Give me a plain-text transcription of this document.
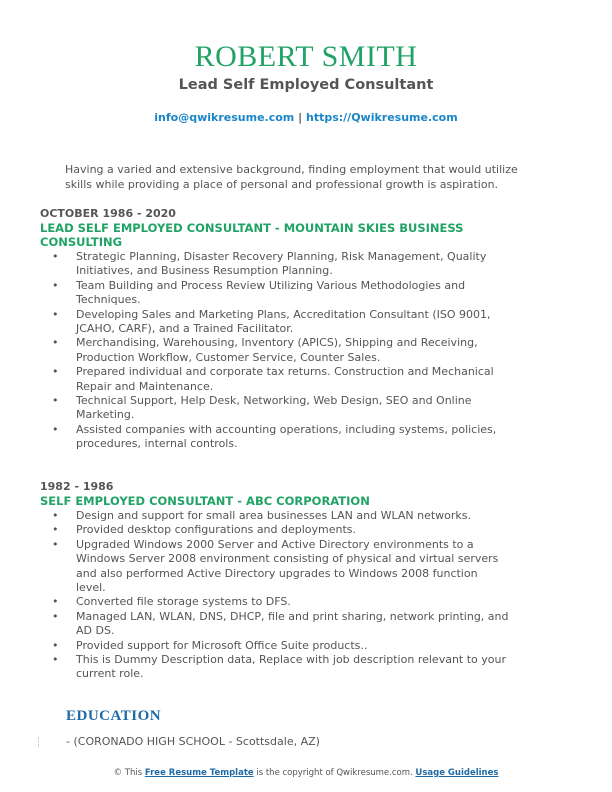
ROBERT SMITH
Lead Self Employed Consultant
info@qwikresume.com | https://Qwikresume.com
Having a varied and extensive background, finding employment that would utilize skills while providing a place of personal and professional growth is aspiration.
OCTOBER 1986 - 2020
LEAD SELF EMPLOYED CONSULTANT - MOUNTAIN SKIES BUSINESS CONSULTING
• Strategic Planning, Disaster Recovery Planning, Risk Management, Quality Initiatives, and Business Resumption Planning.
• Team Building and Process Review Utilizing Various Methodologies and Techniques.
• Developing Sales and Marketing Plans, Accreditation Consultant (ISO 9001, JCAHO, CARF), and a Trained Facilitator.
• Merchandising, Warehousing, Inventory (APICS), Shipping and Receiving, Production Workflow, Customer Service, Counter Sales.
• Prepared individual and corporate tax returns. Construction and Mechanical Repair and Maintenance.
• Technical Support, Help Desk, Networking, Web Design, SEO and Online Marketing.
• Assisted companies with accounting operations, including systems, policies, procedures, internal controls.
1982 - 1986
SELF EMPLOYED CONSULTANT - ABC CORPORATION
• Design and support for small area businesses LAN and WLAN networks.
• Provided desktop configurations and deployments.
• Upgraded Windows 2000 Server and Active Directory environments to a Windows Server 2008 environment consisting of physical and virtual servers and also performed Active Directory upgrades to Windows 2008 function level.
• Converted file storage systems to DFS.
• Managed LAN, WLAN, DNS, DHCP, file and print sharing, network printing, and AD DS.
• Provided support for Microsoft Office Suite products..
• This is Dummy Description data, Replace with job description relevant to your current role.
EDUCATION
- (CORONADO HIGH SCHOOL - Scottsdale, AZ)
© This Free Resume Template is the copyright of Qwikresume.com. Usage Guidelines
